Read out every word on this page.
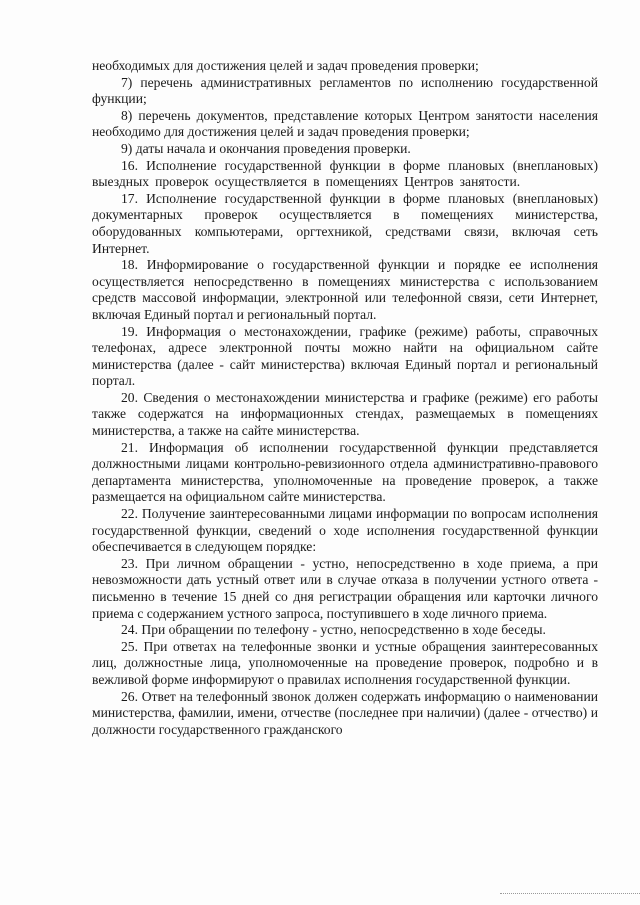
необходимых для достижения целей и задач проведения проверки;

7) перечень административных регламентов по исполнению государственной функции;

8) перечень документов, представление которых Центром занятости населения необходимо для достижения целей и задач проведения проверки;

9) даты начала и окончания проведения проверки.

16. Исполнение государственной функции в форме плановых (внеплановых) выездных проверок осуществляется в помещениях Центров занятости.

17. Исполнение государственной функции в форме плановых (внеплановых) документарных проверок осуществляется в помещениях министерства, оборудованных компьютерами, оргтехникой, средствами связи, включая сеть Интернет.

18. Информирование о государственной функции и порядке ее исполнения осуществляется непосредственно в помещениях министерства с использованием средств массовой информации, электронной или телефонной связи, сети Интернет, включая Единый портал и региональный портал.

19. Информация о местонахождении, графике (режиме) работы, справочных телефонах, адресе электронной почты можно найти на официальном сайте министерства (далее - сайт министерства) включая Единый портал и региональный портал.

20. Сведения о местонахождении министерства и графике (режиме) его работы также содержатся на информационных стендах, размещаемых в помещениях министерства, а также на сайте министерства.

21. Информация об исполнении государственной функции представляется должностными лицами контрольно-ревизионного отдела административно-правового департамента министерства, уполномоченные на проведение проверок, а также размещается на официальном сайте министерства.

22. Получение заинтересованными лицами информации по вопросам исполнения государственной функции, сведений о ходе исполнения государственной функции обеспечивается в следующем порядке:

23. При личном обращении - устно, непосредственно в ходе приема, а при невозможности дать устный ответ или в случае отказа в получении устного ответа - письменно в течение 15 дней со дня регистрации обращения или карточки личного приема с содержанием устного запроса, поступившего в ходе личного приема.

24. При обращении по телефону - устно, непосредственно в ходе беседы.

25. При ответах на телефонные звонки и устные обращения заинтересованных лиц, должностные лица, уполномоченные на проведение проверок, подробно и в вежливой форме информируют о правилах исполнения государственной функции.

26. Ответ на телефонный звонок должен содержать информацию о наименовании министерства, фамилии, имени, отчестве (последнее при наличии) (далее - отчество) и должности государственного гражданского
